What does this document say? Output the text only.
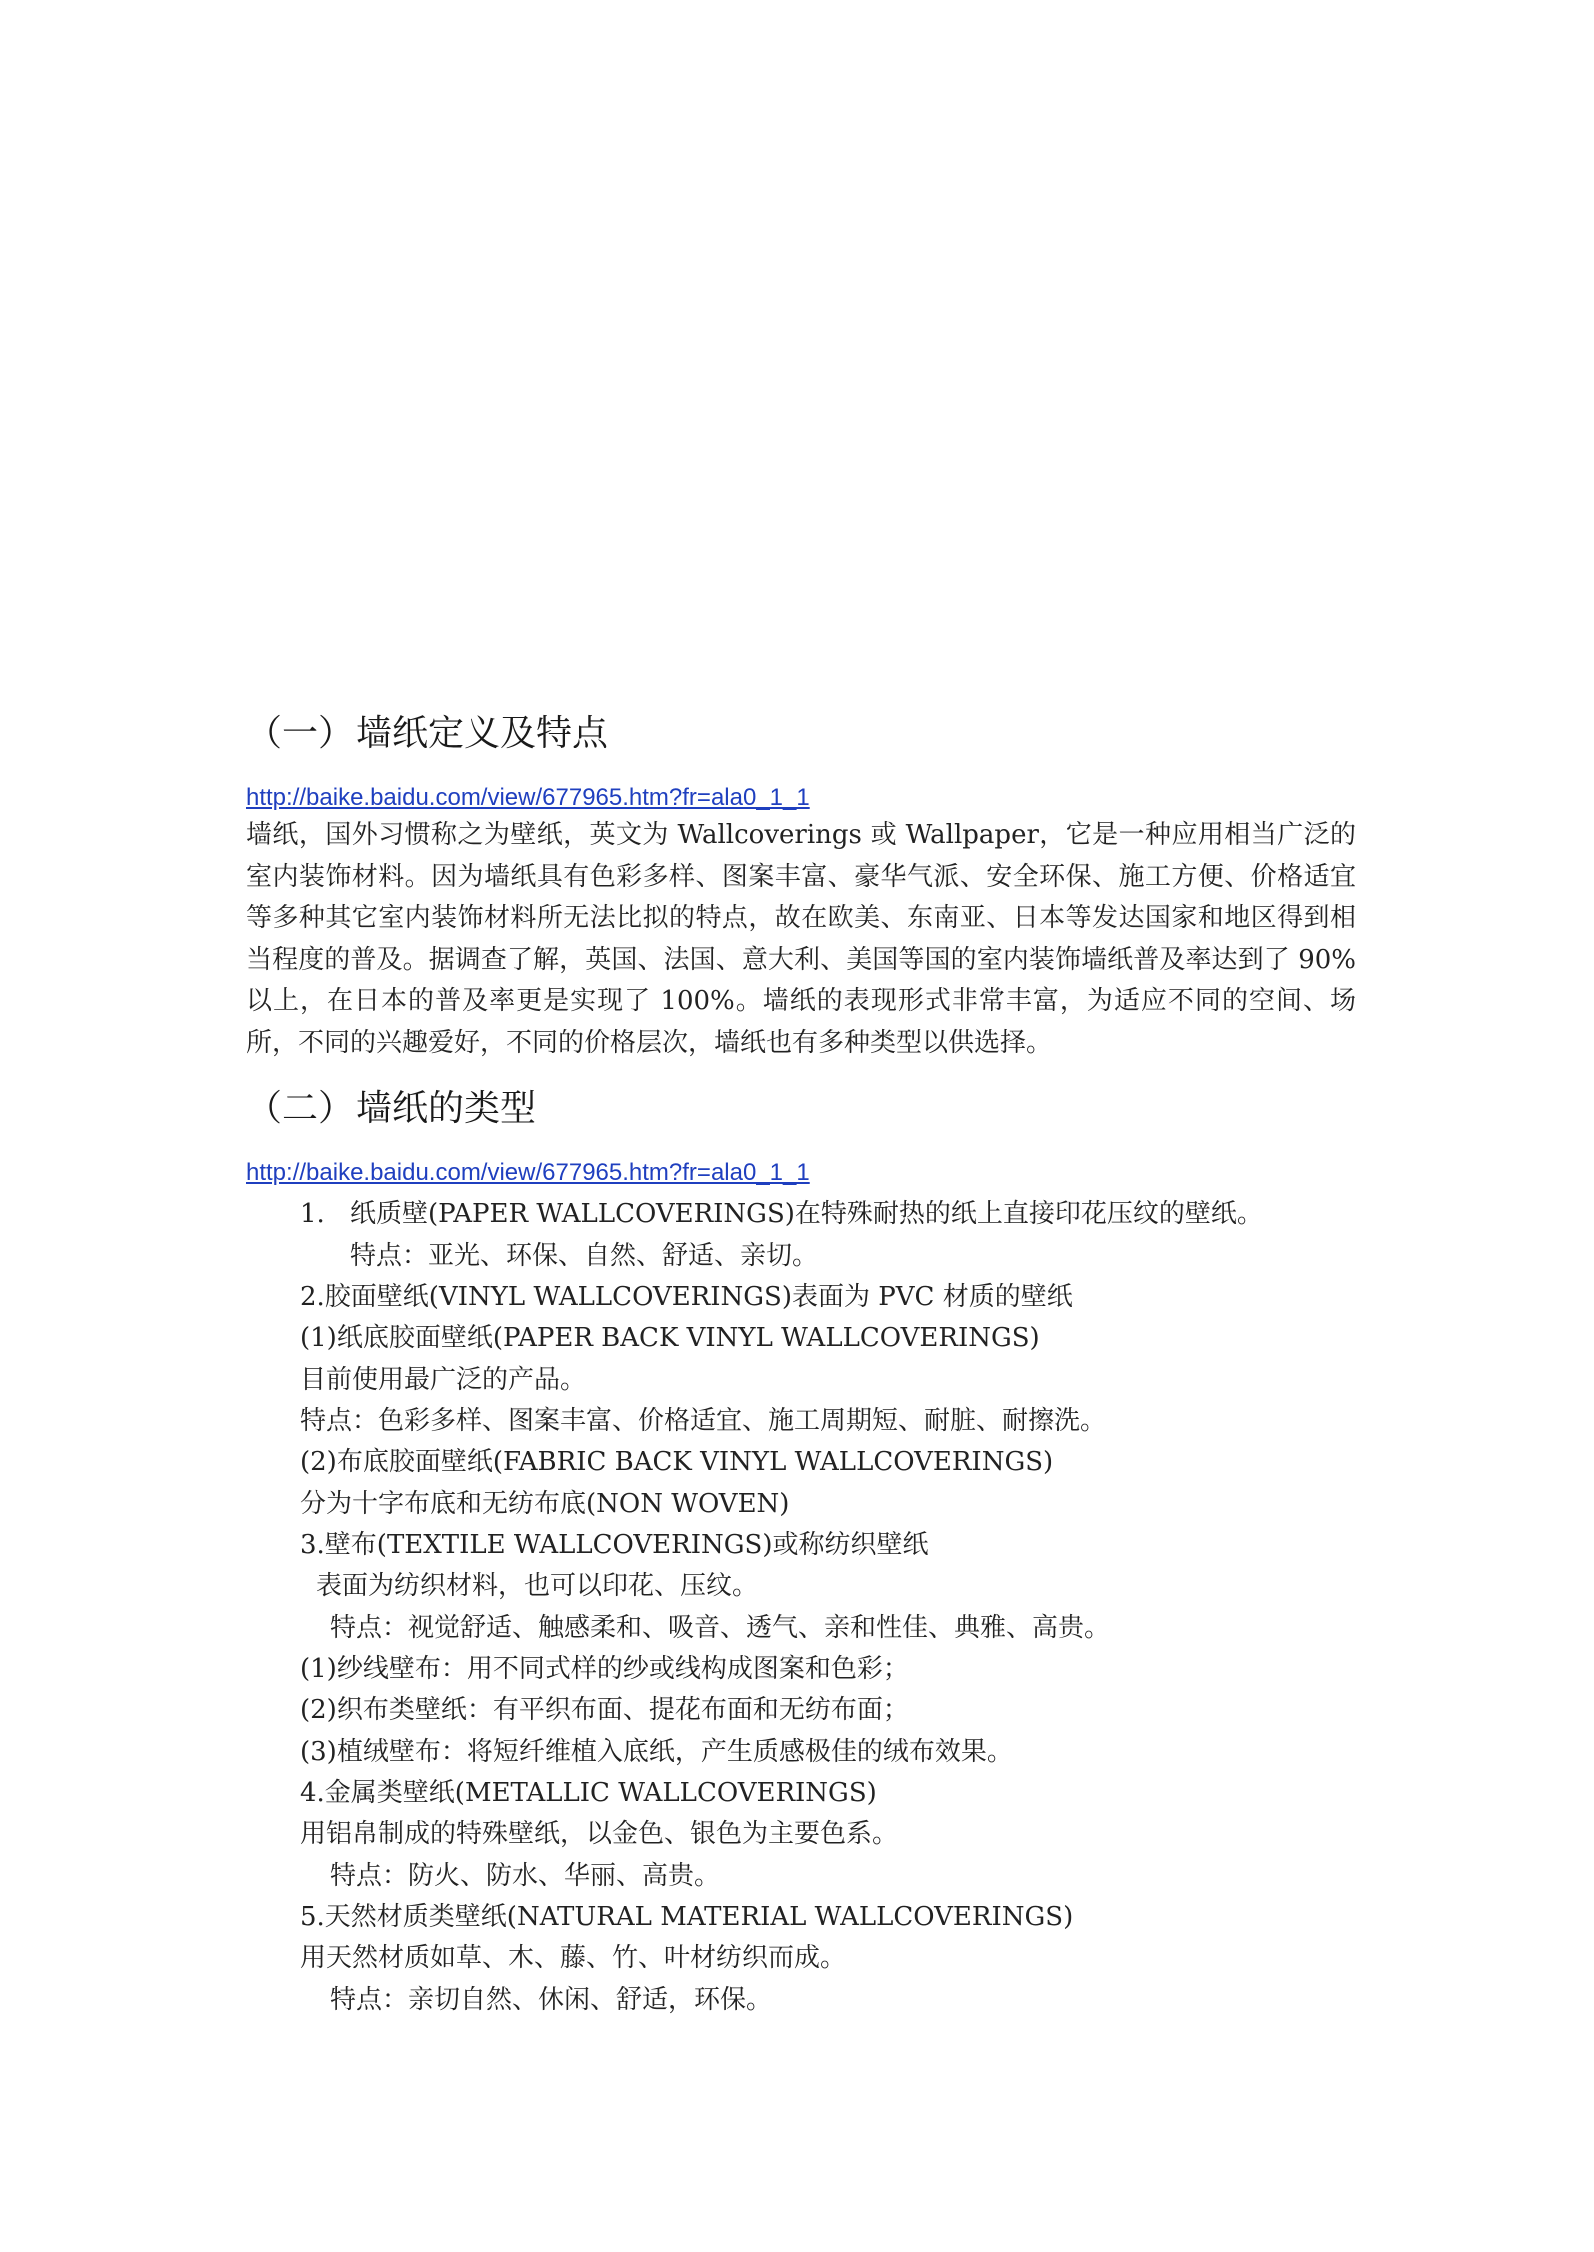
（一）墙纸定义及特点
http://baike.baidu.com/view/677965.htm?fr=ala0_1_1
墙纸，国外习惯称之为壁纸，英文为 Wallcoverings 或 Wallpaper，它是一种应用相当广泛的室内装饰材料。因为墙纸具有色彩多样、图案丰富、豪华气派、安全环保、施工方便、价格适宜等多种其它室内装饰材料所无法比拟的特点，故在欧美、东南亚、日本等发达国家和地区得到相当程度的普及。据调查了解，英国、法国、意大利、美国等国的室内装饰墙纸普及率达到了 90%以上，在日本的普及率更是实现了 100%。墙纸的表现形式非常丰富，为适应不同的空间、场所，不同的兴趣爱好，不同的价格层次，墙纸也有多种类型以供选择。
（二）墙纸的类型
http://baike.baidu.com/view/677965.htm?fr=ala0_1_1
1. 纸质壁(PAPER WALLCOVERINGS)在特殊耐热的纸上直接印花压纹的壁纸。
特点：亚光、环保、自然、舒适、亲切。
2.胶面壁纸(VINYL WALLCOVERINGS)表面为 PVC 材质的壁纸
(1)纸底胶面壁纸(PAPER BACK VINYL WALLCOVERINGS)
目前使用最广泛的产品。
特点：色彩多样、图案丰富、价格适宜、施工周期短、耐脏、耐擦洗。
(2)布底胶面壁纸(FABRIC BACK VINYL WALLCOVERINGS)
分为十字布底和无纺布底(NON WOVEN)
3.壁布(TEXTILE WALLCOVERINGS)或称纺织壁纸
表面为纺织材料，也可以印花、压纹。
特点：视觉舒适、触感柔和、吸音、透气、亲和性佳、典雅、高贵。
(1)纱线壁布：用不同式样的纱或线构成图案和色彩；
(2)织布类壁纸：有平织布面、提花布面和无纺布面；
(3)植绒壁布：将短纤维植入底纸，产生质感极佳的绒布效果。
4.金属类壁纸(METALLIC WALLCOVERINGS)
用铝帛制成的特殊壁纸，以金色、银色为主要色系。
特点：防火、防水、华丽、高贵。
5.天然材质类壁纸(NATURAL MATERIAL WALLCOVERINGS)
用天然材质如草、木、藤、竹、叶材纺织而成。
特点：亲切自然、休闲、舒适，环保。
